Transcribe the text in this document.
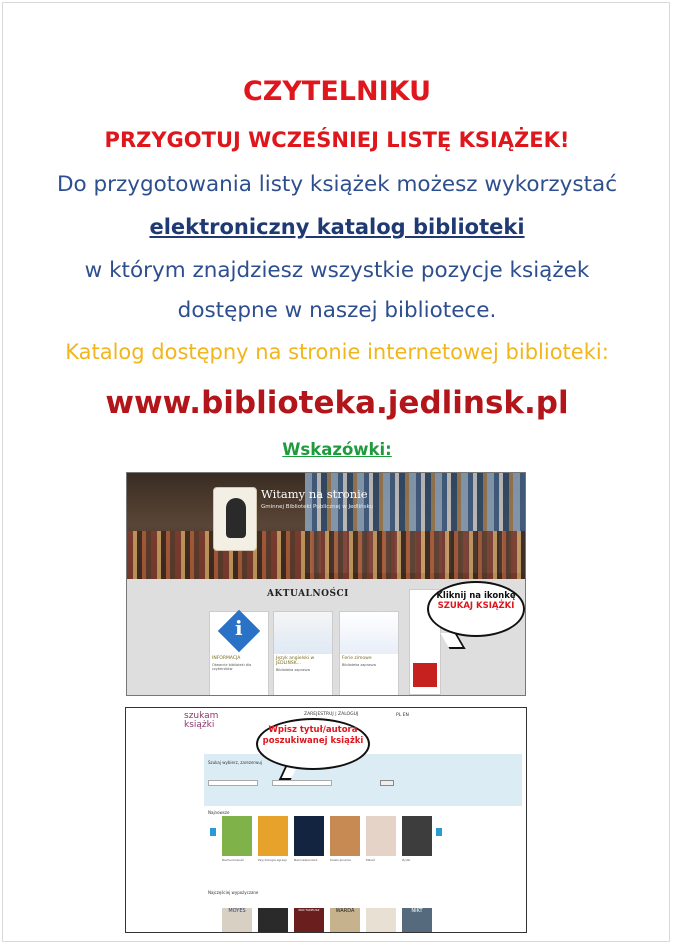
CZYTELNIKU
PRZYGOTUJ WCZEŚNIEJ LISTĘ KSIĄŻEK!
Do przygotowania listy książek możesz wykorzystać
elektroniczny katalog biblioteki
w którym znajdziesz wszystkie pozycje książek
dostępne w naszej bibliotece.
Katalog dostępny na stronie internetowej biblioteki:
www.biblioteka.jedlinsk.pl
Wskazówki:
Witamy na stronie
Gminnej Biblioteki Publicznej w Jedlińsku
AKTUALNOŚCI
i
INFORMACJA
Otwarcie biblioteki dla czytelników
Język angielski w JEDLIŃSK...
Biblioteka zaprasza
Ferie zimowe
Biblioteka zaprasza
Kliknij na ikonkę
SZUKAJ KSIĄŻKI
szukam
książki
ZAREJESTRUJ | ZALOGUJ	PL EN
Szukaj wybierz, zarezerwuj
Wpisz tytuł/autora poszukiwanej książki
Najnowsze
Rachunkowość	Psychologia agresji	Nekrokalendarz	Kolekcjonerka	Miłość	Żydzi
Najczęściej wypożyczane
MOYES	PAN TADEUSZ	WARDA	NIKT
